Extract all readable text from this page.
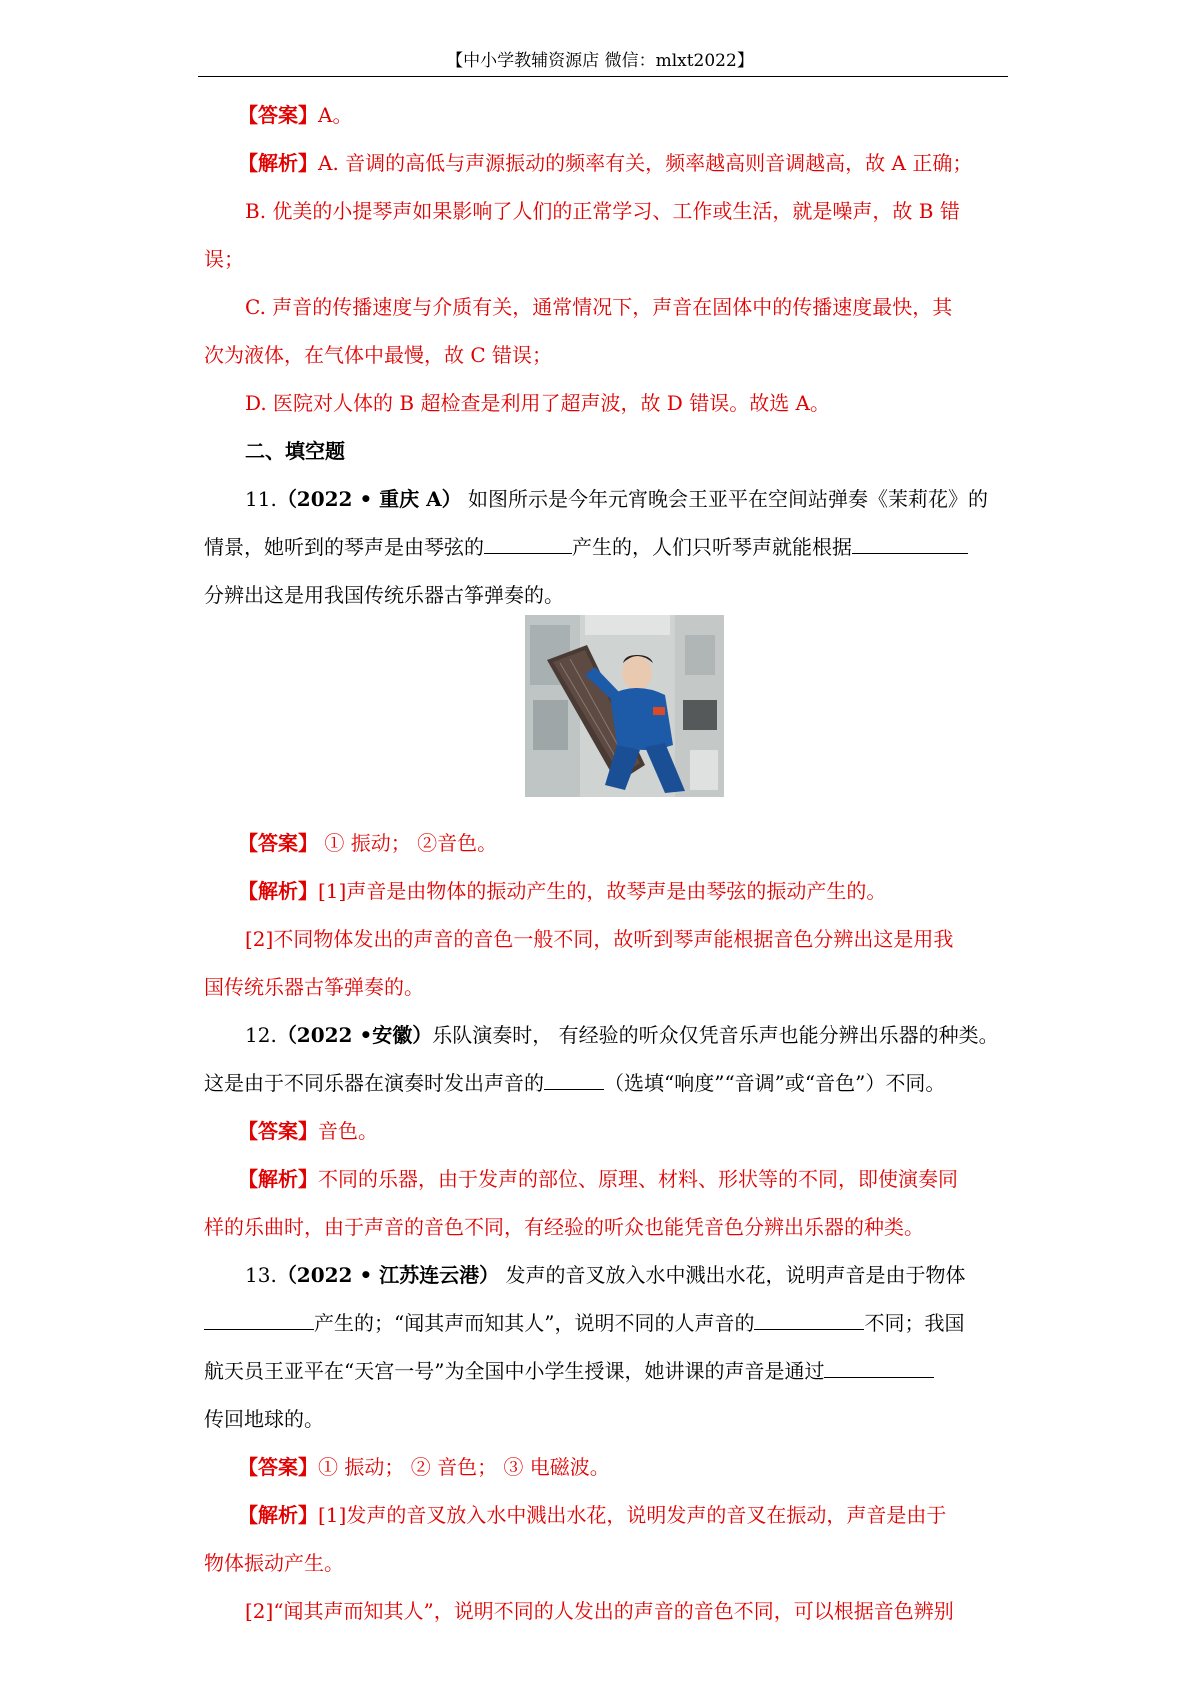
【中小学教辅资源店 微信：mlxt2022】
【答案】A。
【解析】A. 音调的高低与声源振动的频率有关，频率越高则音调越高，故 A 正确；
B. 优美的小提琴声如果影响了人们的正常学习、工作或生活，就是噪声，故 B 错
误；
C. 声音的传播速度与介质有关，通常情况下，声音在固体中的传播速度最快，其
次为液体，在气体中最慢，故 C 错误；
D. 医院对人体的 B 超检查是利用了超声波，故 D 错误。故选 A。
二、填空题
11.（2022 • 重庆 A） 如图所示是今年元宵晚会王亚平在空间站弹奏《茉莉花》的
情景，她听到的琴声是由琴弦的	产生的，人们只听琴声就能根据
分辨出这是用我国传统乐器古筝弹奏的。
【答案】 ① 振动； ②音色。
【解析】[1]声音是由物体的振动产生的，故琴声是由琴弦的振动产生的。
[2]不同物体发出的声音的音色一般不同，故听到琴声能根据音色分辨出这是用我
国传统乐器古筝弹奏的。
12.（2022 •安徽）乐队演奏时， 有经验的听众仅凭音乐声也能分辨出乐器的种类。
这是由于不同乐器在演奏时发出声音的	（选填“响度”“音调”或“音色”）不同。
【答案】音色。
【解析】不同的乐器，由于发声的部位、原理、材料、形状等的不同，即使演奏同
样的乐曲时，由于声音的音色不同，有经验的听众也能凭音色分辨出乐器的种类。
13.（2022 • 江苏连云港） 发声的音叉放入水中溅出水花，说明声音是由于物体
产生的；“闻其声而知其人”，说明不同的人声音的	不同；我国
航天员王亚平在“天宫一号”为全国中小学生授课，她讲课的声音是通过
传回地球的。
【答案】① 振动； ② 音色； ③ 电磁波。
【解析】[1]发声的音叉放入水中溅出水花，说明发声的音叉在振动，声音是由于
物体振动产生。
[2]“闻其声而知其人”，说明不同的人发出的声音的音色不同，可以根据音色辨别
